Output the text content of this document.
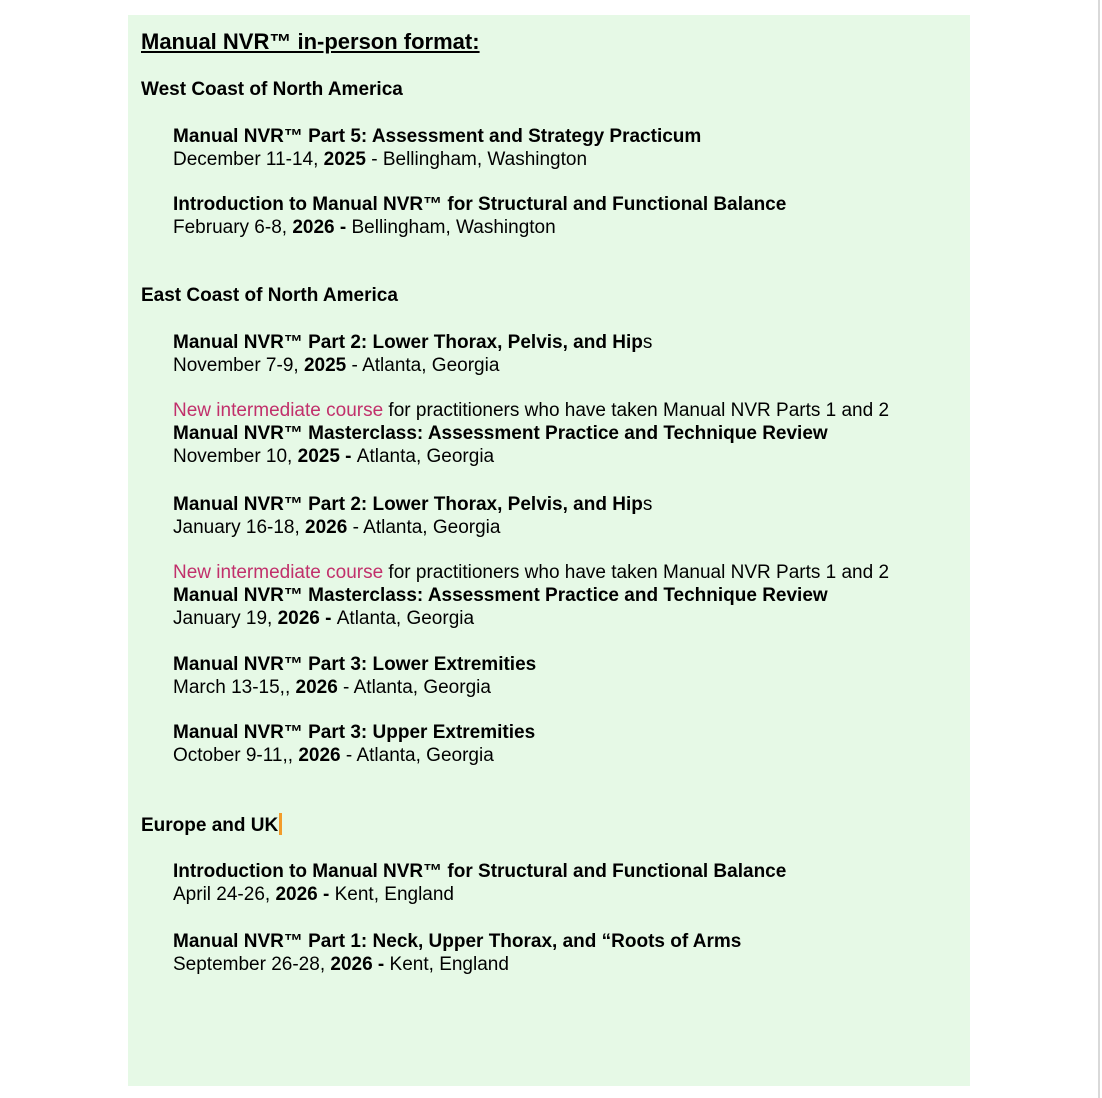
Manual NVR™ in-person format:
West Coast of North America
Manual NVR™ Part 5: Assessment and Strategy Practicum
December 11-14, 2025 - Bellingham, Washington
Introduction to Manual NVR™ for Structural and Functional Balance
February 6-8, 2026 - Bellingham, Washington
East Coast of North America
Manual NVR™ Part 2: Lower Thorax, Pelvis, and Hips
November 7-9, 2025 - Atlanta, Georgia
New intermediate course for practitioners who have taken Manual NVR Parts 1 and 2
Manual NVR™ Masterclass: Assessment Practice and Technique Review
November 10, 2025 - Atlanta, Georgia
Manual NVR™ Part 2: Lower Thorax, Pelvis, and Hips
January 16-18, 2026 - Atlanta, Georgia
New intermediate course for practitioners who have taken Manual NVR Parts 1 and 2
Manual NVR™ Masterclass: Assessment Practice and Technique Review
January 19, 2026 - Atlanta, Georgia
Manual NVR™ Part 3: Lower Extremities
March 13-15,, 2026 - Atlanta, Georgia
Manual NVR™ Part 3: Upper Extremities
October 9-11,, 2026 - Atlanta, Georgia
Europe and UK
Introduction to Manual NVR™ for Structural and Functional Balance
April 24-26, 2026 - Kent, England
Manual NVR™ Part 1: Neck, Upper Thorax, and “Roots of Arms
September 26-28, 2026 - Kent, England
